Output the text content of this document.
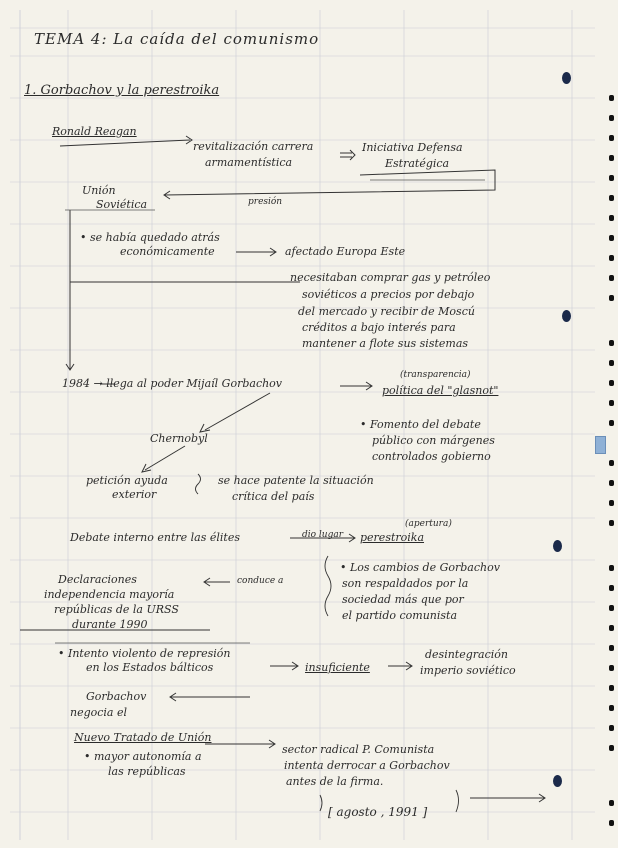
TEMA 4: La caída del comunismo
1. Gorbachov y la perestroika
Ronald Reagan
revitalización carrera
armamentística
Iniciativa Defensa
Estratégica
Unión
Soviética	presión
• se había quedado atrás
económicamente	afectado Europa Este
necesitaban comprar gas y petróleo
soviéticos a precios por debajo
del mercado y recibir de Moscú
créditos a bajo interés para
mantener a flote sus sistemas
1984 → llega al poder Mijaíl Gorbachov
(transparencia)
política del "glasnot"
Chernobyl
• Fomento del debate
público con márgenes
controlados gobierno
petición ayuda
exterior
se hace patente la situación
crítica del país
(apertura)
Debate interno entre las élites	dio lugar perestroika
Declaraciones
independencia mayoría
repúblicas de la URSS
durante 1990
conduce a
• Los cambios de Gorbachov
son respaldados por la
sociedad más que por
el partido comunista
• Intento violento de represión
en los Estados bálticos	insuficiente
desintegración
imperio soviético
Gorbachov
negocia el
Nuevo Tratado de Unión
• mayor autonomía a
las repúblicas
sector radical P. Comunista
intenta derrocar a Gorbachov
antes de la firma.
[ agosto , 1991 ]
